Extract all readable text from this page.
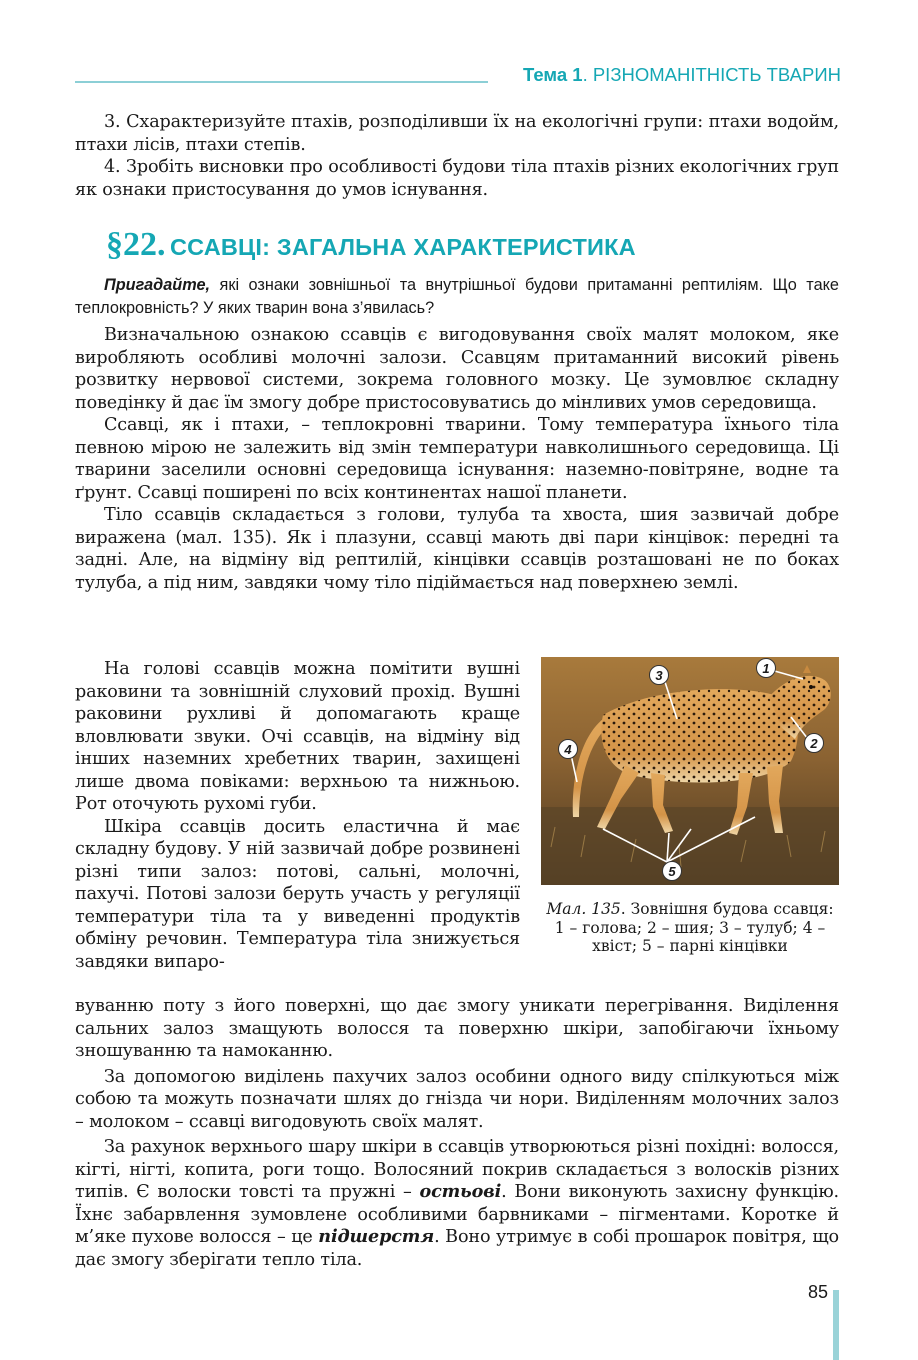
Тема 1. РІЗНОМАНІТНІСТЬ ТВАРИН

3. Схарактеризуйте птахів, розподіливши їх на екологічні групи: птахи водойм, птахи лісів, птахи степів.

4. Зробіть висновки про особливості будови тіла птахів різних екологічних груп як ознаки пристосування до умов існування.

§22. ССАВЦІ: ЗАГАЛЬНА ХАРАКТЕРИСТИКА

Пригадайте, які ознаки зовнішньої та внутрішньої будови притаманні рептиліям. Що таке теплокровність? У яких тварин вона з’явилась?

Визначальною ознакою ссавців є вигодовування своїх малят молоком, яке виробляють особливі молочні залози. Ссавцям притаманний високий рівень розвитку нервової системи, зокрема головного мозку. Це зумовлює складну поведінку й дає їм змогу добре пристосовуватись до мінливих умов середовища.

Ссавці, як і птахи, – теплокровні тварини. Тому температура їхнього тіла певною мірою не залежить від змін температури навколишнього середовища. Ці тварини заселили основні середовища існування: наземно-повітряне, водне та ґрунт. Ссавці поширені по всіх континентах нашої планети.

Тіло ссавців складається з голови, тулуба та хвоста, шия зазвичай добре виражена (мал. 135). Як і плазуни, ссавці мають дві пари кінцівок: передні та задні. Але, на відміну від рептилій, кінцівки ссавців розташовані не по боках тулуба, а під ним, завдяки чому тіло підіймається над поверхнею землі.

На голові ссавців можна помітити вушні раковини та зовнішній слуховий прохід. Вушні раковини рухливі й допомагають краще вловлювати звуки. Очі ссавців, на відміну від інших наземних хребетних тварин, захищені лише двома повіками: верхньою та нижньою. Рот оточують рухомі губи.

Шкіра ссавців досить еластична й має складну будову. У ній зазвичай добре розвинені різні типи залоз: потові, сальні, молочні, пахучі. Потові залози беруть участь у регуляції температури тіла та у виведенні продуктів обміну речовин. Температура тіла знижується завдяки випаро-

1
2
3
4
5
Мал. 135. Зовнішня будова ссавця: 1 – голова; 2 – шия; 3 – тулуб; 4 – хвіст; 5 – парні кінцівки

вуванню поту з його поверхні, що дає змогу уникати перегрівання. Виділення сальних залоз змащують волосся та поверхню шкіри, запобігаючи їхньому зношуванню та намоканню.

За допомогою виділень пахучих залоз особини одного виду спілкуються між собою та можуть позначати шлях до гнізда чи нори. Виділенням молочних залоз – молоком – ссавці вигодовують своїх малят.

За рахунок верхнього шару шкіри в ссавців утворюються різні похідні: волосся, кігті, нігті, копита, роги тощо. Волосяний покрив складається з волосків різних типів. Є волоски товсті та пружні – остьові. Вони виконують захисну функцію. Їхнє забарвлення зумовлене особливими барвниками – пігментами. Коротке й м’яке пухове волосся – це підшерстя. Воно утримує в собі прошарок повітря, що дає змогу зберігати тепло тіла.

85
